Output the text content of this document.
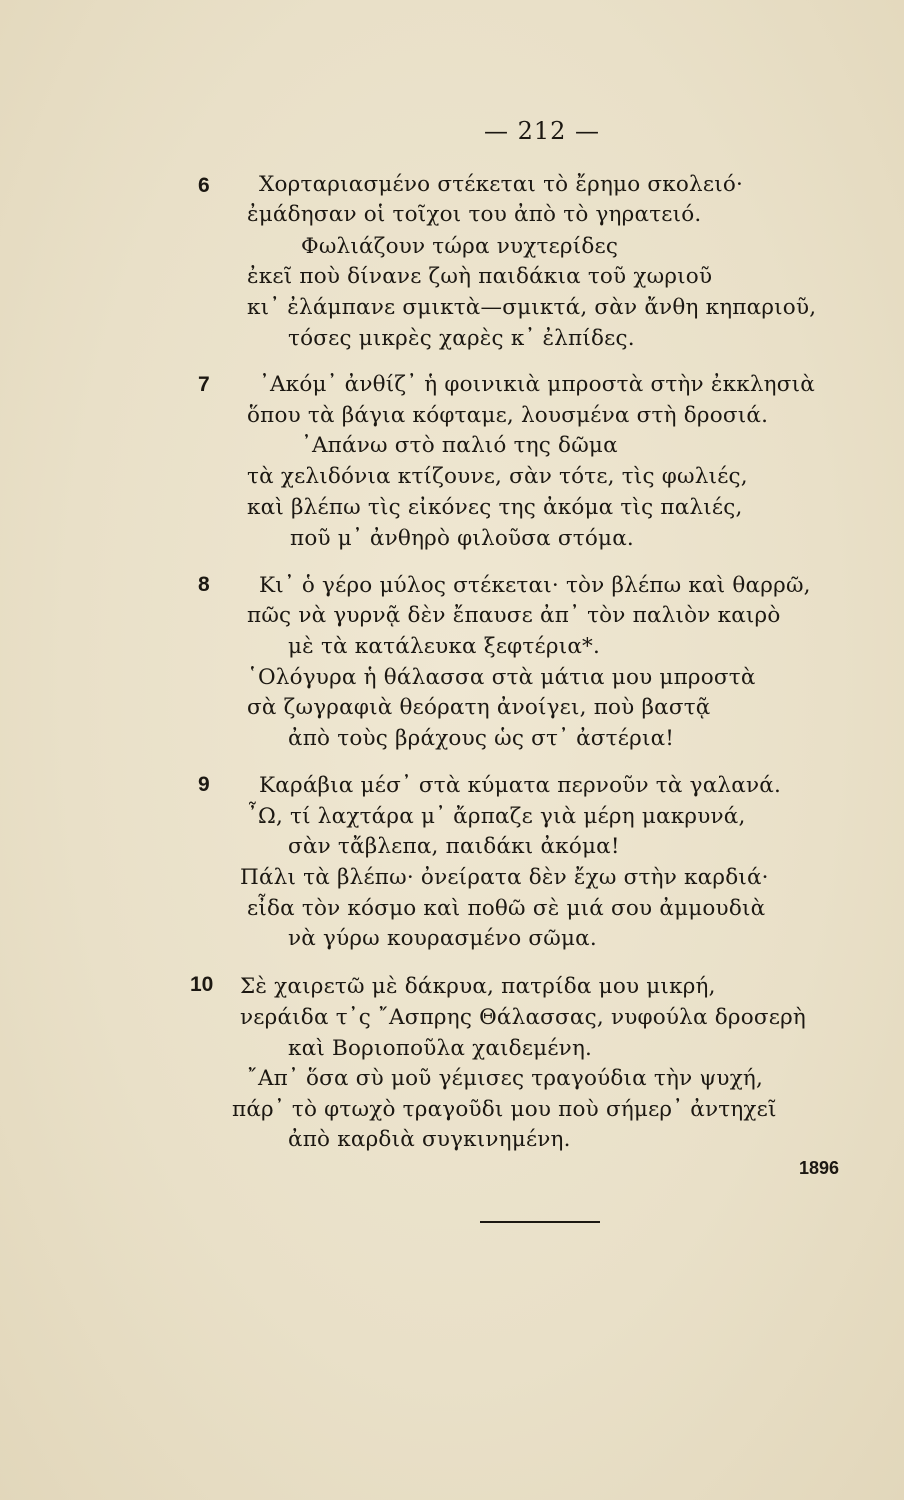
— 212 —
6 Χορταριασμένο στέκεται τὸ ἔρημο σκολειό·
ἐμάδησαν οἱ τοῖχοι του ἀπὸ τὸ γηρατειό.
Φωλιάζουν τώρα νυχτερίδες
ἐκεῖ ποὺ δίνανε ζωὴ παιδάκια τοῦ χωριοῦ
κι᾿ ἐλάμπανε σμικτὰ—σμικτά, σὰν ἄνθη κηπαριοῦ,
τόσες μικρὲς χαρὲς κ᾿ ἐλπίδες.
7 ᾿Ακόμ᾿ ἀνθίζ᾿ ἡ φοινικιὰ μπροστὰ στὴν ἐκκλησιὰ
ὅπου τὰ βάγια κόφταμε, λουσμένα στὴ δροσιά.
᾿Απάνω στὸ παλιό της δῶμα
τὰ χελιδόνια κτίζουνε, σὰν τότε, τὶς φωλιές,
καὶ βλέπω τὶς εἰκόνες της ἀκόμα τὶς παλιές,
ποῦ μ᾿ ἀνθηρὸ φιλοῦσα στόμα.
8 Κι᾿ ὁ γέρο μύλος στέκεται· τὸν βλέπω καὶ θαρρῶ,
πῶς νὰ γυρνᾷ δὲν ἔπαυσε ἀπ᾿ τὸν παλιὸν καιρὸ
μὲ τὰ κατάλευκα ξεφτέρια*.
῾Ολόγυρα ἡ θάλασσα στὰ μάτια μου μπροστὰ
σὰ ζωγραφιὰ θεόρατη ἀνοίγει, ποὺ βαστᾷ
ἀπὸ τοὺς βράχους ὡς στ᾿ ἀστέρια!
9 Καράβια μέσ᾿ στὰ κύματα περνοῦν τὰ γαλανά.
῏Ω, τί λαχτάρα μ᾿ ἄρπαζε γιὰ μέρη μακρυνά,
σὰν τἄβλεπα, παιδάκι ἀκόμα!
Πάλι τὰ βλέπω· ὀνείρατα δὲν ἔχω στὴν καρδιά·
εἶδα τὸν κόσμο καὶ ποθῶ σὲ μιά σου ἀμμουδιὰ
νὰ γύρω κουρασμένο σῶμα.
10 Σὲ χαιρετῶ μὲ δάκρυα, πατρίδα μου μικρή,
νεράιδα τ᾿ς ῎Ασπρης Θάλασσας, νυφούλα δροσερὴ
καὶ Βοριοποῦλα χαιδεμένη.
῎Απ᾿ ὅσα σὺ μοῦ γέμισες τραγούδια τὴν ψυχή,
πάρ᾿ τὸ φτωχὸ τραγοῦδι μου ποὺ σήμερ᾿ ἀντηχεῖ
ἀπὸ καρδιὰ συγκινημένη.
1896
